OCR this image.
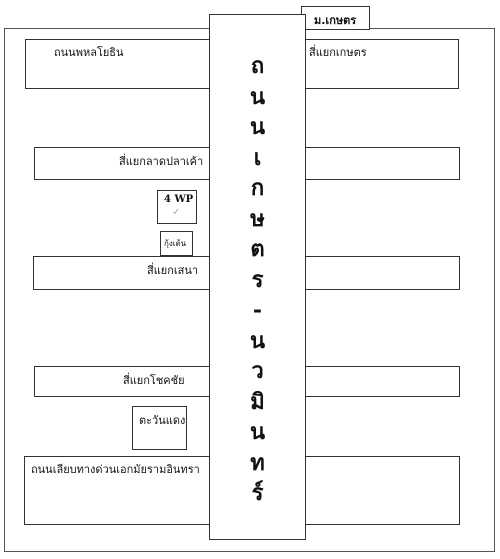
ม.เกษตร
ถนนพหลโยธิน	สี่แยกเกษตร
สี่แยกลาดปลาเค้า
4 WP
✓
กุ้งเต้น
สี่แยกเสนา
สี่แยกโชคชัย
ตะวันแดง
ถนนเลียบทางด่วนเอกมัยรามอินทรา
ถ
น
น
เ
ก
ษ
ต
ร
-
น
ว
มิ
น
ท
ร์
